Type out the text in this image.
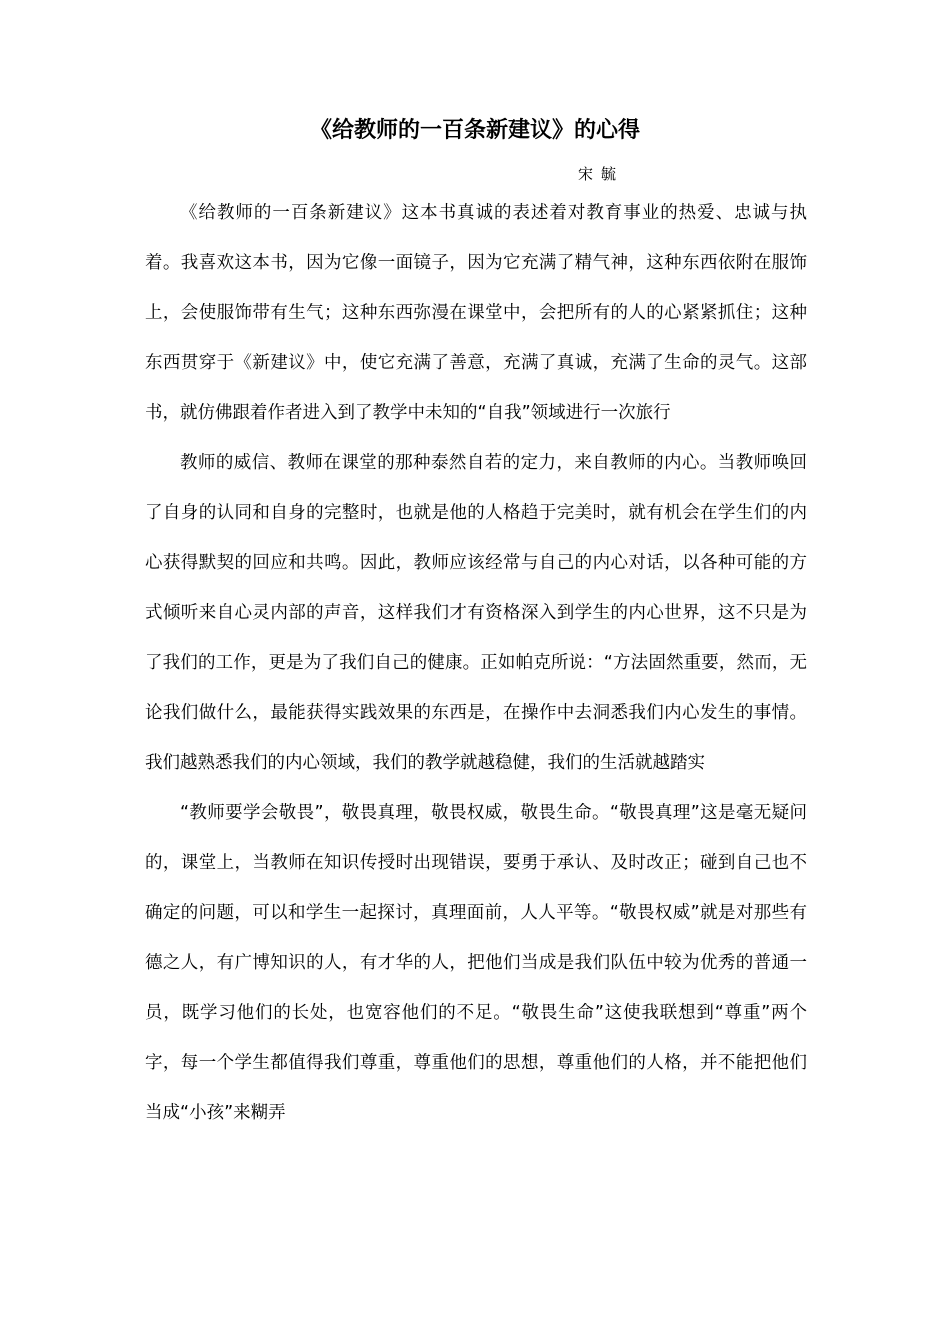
《给教师的一百条新建议》的心得
宋毓

《给教师的一百条新建议》这本书真诚的表述着对教育事业的热爱、忠诚与执着。我喜欢这本书，因为它像一面镜子，因为它充满了精气神，这种东西依附在服饰上，会使服饰带有生气；这种东西弥漫在课堂中，会把所有的人的心紧紧抓住；这种东西贯穿于《新建议》中，使它充满了善意，充满了真诚，充满了生命的灵气。这部书，就仿佛跟着作者进入到了教学中未知的“自我”领域进行一次旅行

教师的威信、教师在课堂的那种泰然自若的定力，来自教师的内心。当教师唤回了自身的认同和自身的完整时，也就是他的人格趋于完美时，就有机会在学生们的内心获得默契的回应和共鸣。因此，教师应该经常与自己的内心对话，以各种可能的方式倾听来自心灵内部的声音，这样我们才有资格深入到学生的内心世界，这不只是为了我们的工作，更是为了我们自己的健康。正如帕克所说：“方法固然重要，然而，无论我们做什么，最能获得实践效果的东西是，在操作中去洞悉我们内心发生的事情。我们越熟悉我们的内心领域，我们的教学就越稳健，我们的生活就越踏实

“教师要学会敬畏”，敬畏真理，敬畏权威，敬畏生命。“敬畏真理”这是毫无疑问的，课堂上，当教师在知识传授时出现错误，要勇于承认、及时改正；碰到自己也不确定的问题，可以和学生一起探讨，真理面前，人人平等。“敬畏权威”就是对那些有德之人，有广博知识的人，有才华的人，把他们当成是我们队伍中较为优秀的普通一员，既学习他们的长处，也宽容他们的不足。“敬畏生命”这使我联想到“尊重”两个字，每一个学生都值得我们尊重，尊重他们的思想，尊重他们的人格，并不能把他们当成“小孩”来糊弄
